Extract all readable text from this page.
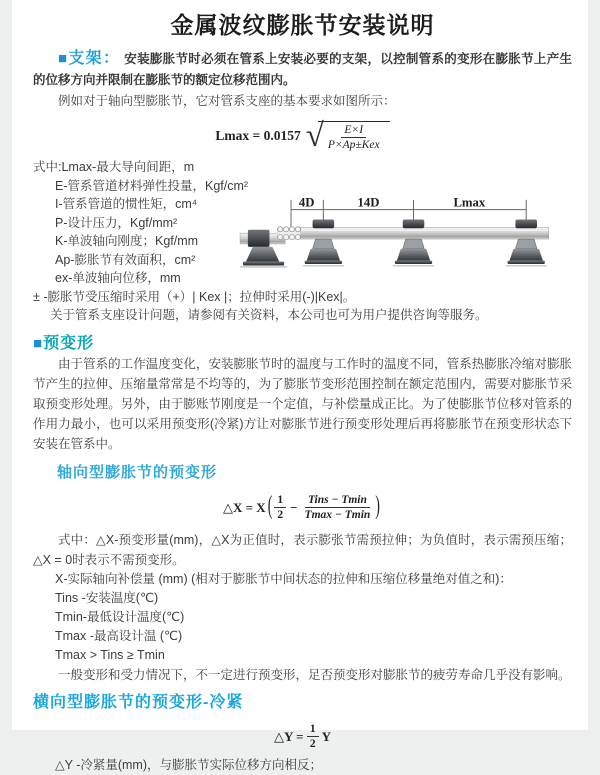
金属波纹膨胀节安装说明

■支架： 安装膨胀节时必须在管系上安装必要的支架，以控制管系的变形在膨胀节上产生的位移方向并限制在膨胀节的额定位移范围内。

例如对于轴向型膨胀节，它对管系支座的基本要求如图所示：

Lmax = 0.0157 √ $\frac{E\times I}{\text{P×Ap±Kex}}$
式中:Lmax-最大导向间距，m
E-管系管道材料弹性投量，Kgf/cm²
I-管系管道的惯性矩，cm⁴
P-设计压力，Kgf/mm²
K-单波轴向刚度；Kgf/mm
Ap-膨胀节有效面积，cm²
ex-单波轴向位移，mm
± -膨胀节受压缩时采用（+）| Kex |；拉伸时采用(-)|Kex|。
关于管系支座设计问题，请参阅有关资料，本公司也可为用户提供咨询等服务。
■预变形

由于管系的工作温度变化，安装膨胀节时的温度与工作时的温度不同，管系热膨胀冷缩对膨胀节产生的拉伸、压缩量常常是不均等的，为了膨胀节变形范围控制在额定范围内，需要对膨胀节采取预变形处理。另外，由于膨账节刚度是一个定值，与补偿量成正比。为了使膨胀节位移对管系的作用力最小，也可以采用预变形(冷紧)方让对膨胀节进行预变形处理后再将膨胀节在预变形状态下安装在管系中。

轴向型膨胀节的预变形
△X = X ( $\frac{1}{2} - \frac{\text{Tins − Tmin}}{Tmax - Tmin}$ )

式中：△X-预变形量(mm)，△X为正值时，表示膨张节需预拉伸；为负值时，表示需预压缩；△X = 0时表示不需预变形。

X-实际轴向补偿量 (mm) (相对于膨胀节中间状态的拉伸和压缩位移量绝对值之和)：
Tins -安装温度(℃)
Tmin-最低设计温度(℃)
Tmax -最高设计温 (℃)
Tmax > Tins ≥ Tmin

一般变形和受力情况下，不一定进行预变形，足否预变形对膨胀节的疲劳寿命几乎没有影响。

横向型膨胀节的预变形-冷紧
△Y =
$\frac{1}{2}$ Y
△Y -冷紧量(mm)，与膨胀节实际位移方向相反；
4D	14D	Lmax
